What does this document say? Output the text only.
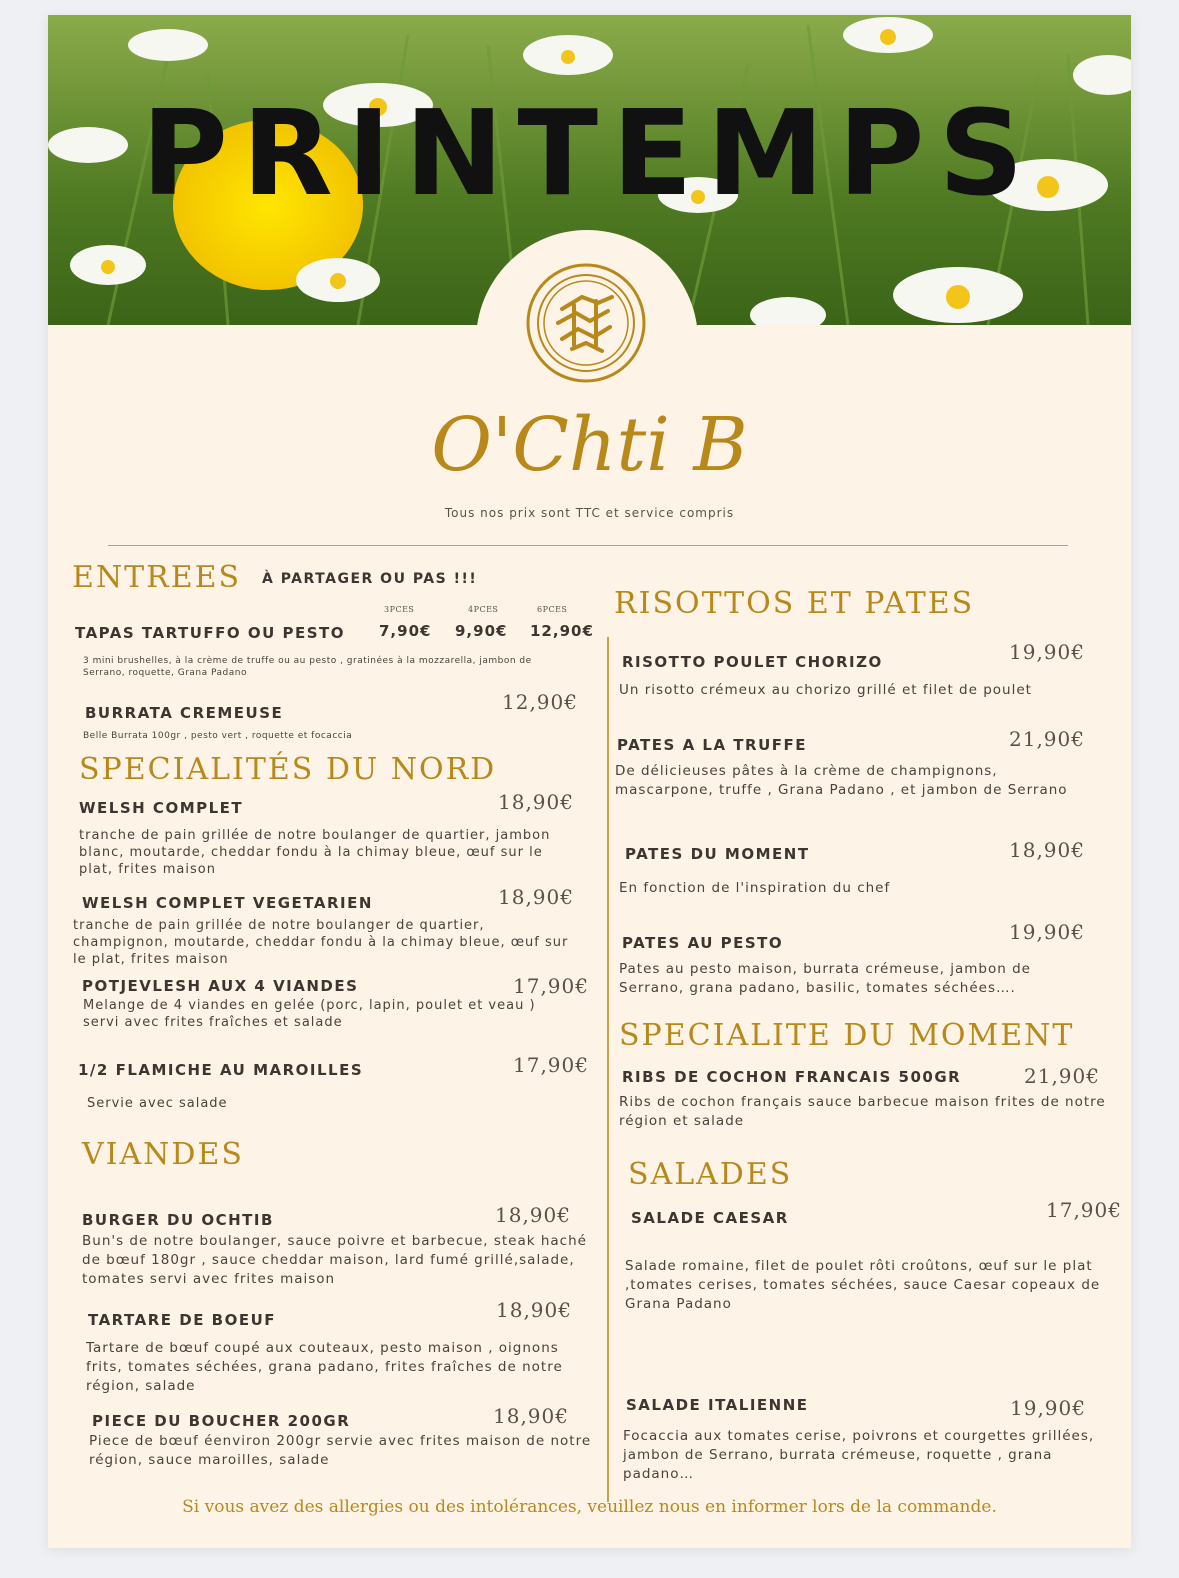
PRINTEMPS
O'Chti B
Tous nos prix sont TTC et service compris
ENTREES À PARTAGER OU PAS !!!
3PCES	4PCES	6PCES
TAPAS TARTUFFO OU PESTO 7,90€ 9,90€ 12,90€
3 mini brushelles, à la crème de truffe ou au pesto , gratinées à la mozzarella, jambon de Serrano, roquette, Grana Padano
BURRATA CREMEUSE	12,90€
Belle Burrata 100gr , pesto vert , roquette et focaccia
SPECIALITÉS DU NORD
WELSH COMPLET	18,90€
tranche de pain grillée de notre boulanger de quartier, jambon blanc, moutarde, cheddar fondu à la chimay bleue, œuf sur le plat, frites maison
WELSH COMPLET VEGETARIEN	18,90€
tranche de pain grillée de notre boulanger de quartier, champignon, moutarde, cheddar fondu à la chimay bleue, œuf sur le plat, frites maison
POTJEVLESH AUX 4 VIANDES	17,90€
Melange de 4 viandes en gelée (porc, lapin, poulet et veau ) servi avec frites fraîches et salade
1/2 FLAMICHE AU MAROILLES	17,90€
Servie avec salade
VIANDES
BURGER DU OCHTIB	18,90€
Bun's de notre boulanger, sauce poivre et barbecue, steak haché de bœuf 180gr , sauce cheddar maison, lard fumé grillé,salade, tomates servi avec frites maison
TARTARE DE BOEUF	18,90€
Tartare de bœuf coupé aux couteaux, pesto maison , oignons frits, tomates séchées, grana padano, frites fraîches de notre région, salade
PIECE DU BOUCHER 200GR	18,90€
Piece de bœuf éenviron 200gr servie avec frites maison de notre région, sauce maroilles, salade
RISOTTOS ET PATES
RISOTTO POULET CHORIZO	19,90€
Un risotto crémeux au chorizo grillé et filet de poulet
PATES A LA TRUFFE	21,90€
De délicieuses pâtes à la crème de champignons, mascarpone, truffe , Grana Padano , et jambon de Serrano
PATES DU MOMENT	18,90€
En fonction de l'inspiration du chef
PATES AU PESTO	19,90€
Pates au pesto maison, burrata crémeuse, jambon de Serrano, grana padano, basilic, tomates séchées….
SPECIALITE DU MOMENT
RIBS DE COCHON FRANCAIS 500GR	21,90€
Ribs de cochon français sauce barbecue maison frites de notre région et salade
SALADES
SALADE CAESAR	17,90€
Salade romaine, filet de poulet rôti croûtons, œuf sur le plat ,tomates cerises, tomates séchées, sauce Caesar copeaux de Grana Padano
SALADE ITALIENNE	19,90€
Focaccia aux tomates cerise, poivrons et courgettes grillées, jambon de Serrano, burrata crémeuse, roquette , grana padano…
Si vous avez des allergies ou des intolérances, veuillez nous en informer lors de la commande.
